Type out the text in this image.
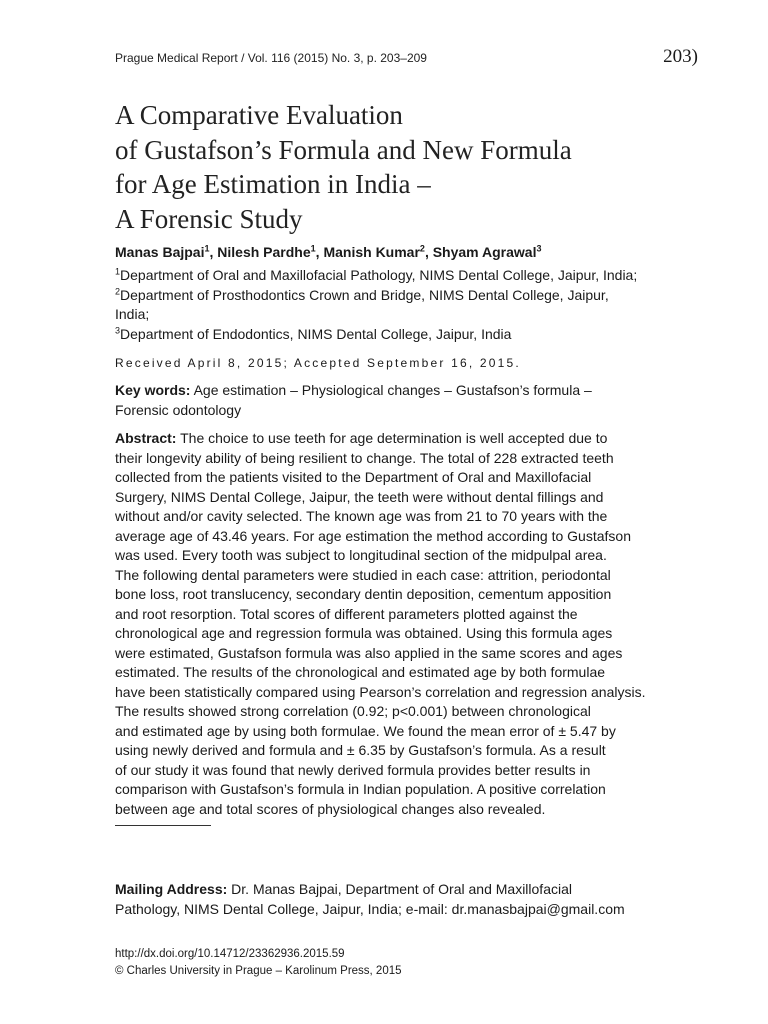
Prague Medical Report / Vol. 116 (2015) No. 3, p. 203–209	203)
A Comparative Evaluation
of Gustafson’s Formula and New Formula
for Age Estimation in India –
A Forensic Study
Manas Bajpai$^1$, Nilesh Pardhe$^1$, Manish Kumar$^2$, Shyam Agrawal$^3$
$^1$Department of Oral and Maxillofacial Pathology, NIMS Dental College, Jaipur, India;
$^2$Department of Prosthodontics Crown and Bridge, NIMS Dental College, Jaipur,
India;
$^3$Department of Endodontics, NIMS Dental College, Jaipur, India
Received April 8, 2015; Accepted September 16, 2015.
Key words: Age estimation – Physiological changes – Gustafson’s formula –
Forensic odontology
Abstract: The choice to use teeth for age determination is well accepted due to
their longevity ability of being resilient to change. The total of 228 extracted teeth
collected from the patients visited to the Department of Oral and Maxillofacial
Surgery, NIMS Dental College, Jaipur, the teeth were without dental fillings and
without and/or cavity selected. The known age was from 21 to 70 years with the
average age of 43.46 years. For age estimation the method according to Gustafson
was used. Every tooth was subject to longitudinal section of the midpulpal area.
The following dental parameters were studied in each case: attrition, periodontal
bone loss, root translucency, secondary dentin deposition, cementum apposition
and root resorption. Total scores of different parameters plotted against the
chronological age and regression formula was obtained. Using this formula ages
were estimated, Gustafson formula was also applied in the same scores and ages
estimated. The results of the chronological and estimated age by both formulae
have been statistically compared using Pearson’s correlation and regression analysis.
The results showed strong correlation (0.92; p<0.001) between chronological
and estimated age by using both formulae. We found the mean error of ± 5.47 by
using newly derived and formula and ± 6.35 by Gustafson’s formula. As a result
of our study it was found that newly derived formula provides better results in
comparison with Gustafson’s formula in Indian population. A positive correlation
between age and total scores of physiological changes also revealed.
Mailing Address: Dr. Manas Bajpai, Department of Oral and Maxillofacial
Pathology, NIMS Dental College, Jaipur, India; e-mail: dr.manasbajpai@gmail.com
http://dx.doi.org/10.14712/23362936.2015.59
© Charles University in Prague – Karolinum Press, 2015
